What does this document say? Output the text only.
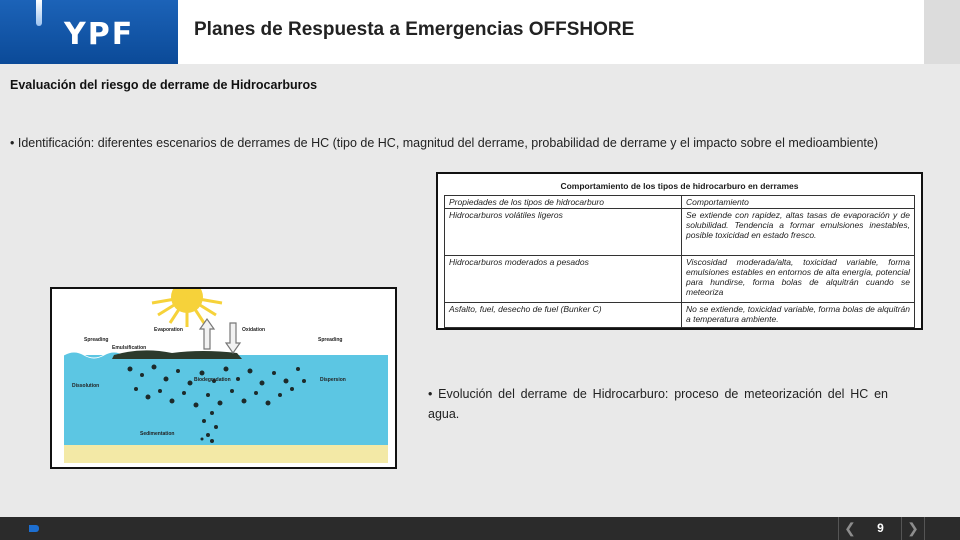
YPF	Planes de Respuesta a Emergencias OFFSHORE
Evaluación del riesgo de derrame de Hidrocarburos
• Identificación: diferentes escenarios de derrames de HC (tipo de HC, magnitud del derrame, probabilidad de derrame y el impacto sobre el medioambiente)
Comportamiento de los tipos de hidrocarburo en derrames	
Propiedades de los tipos de hidrocarburo	Comportamiento
Hidrocarburos volátiles ligeros	Se extiende con rapidez, altas tasas de evaporación y de solubilidad. Tendencia a formar emulsiones inestables, posible toxicidad en estado fresco.
Hidrocarburos moderados a pesados	Viscosidad moderada/alta, toxicidad variable, forma emulsiones estables en entornos de alta energía, potencial para hundirse, forma bolas de alquitrán cuando se meteoriza
Asfalto, fuel, desecho de fuel (Bunker C)	No se extiende, toxicidad variable, forma bolas de alquitrán a temperatura ambiente.
Spreading	Spreading
Evaporation	Oxidation
Emulsification
Dissolution
Biodegradation	Dispersion
Sedimentation
• Evolución del derrame de Hidrocarburo: proceso de meteorización del HC en agua.
❮	9	❯
